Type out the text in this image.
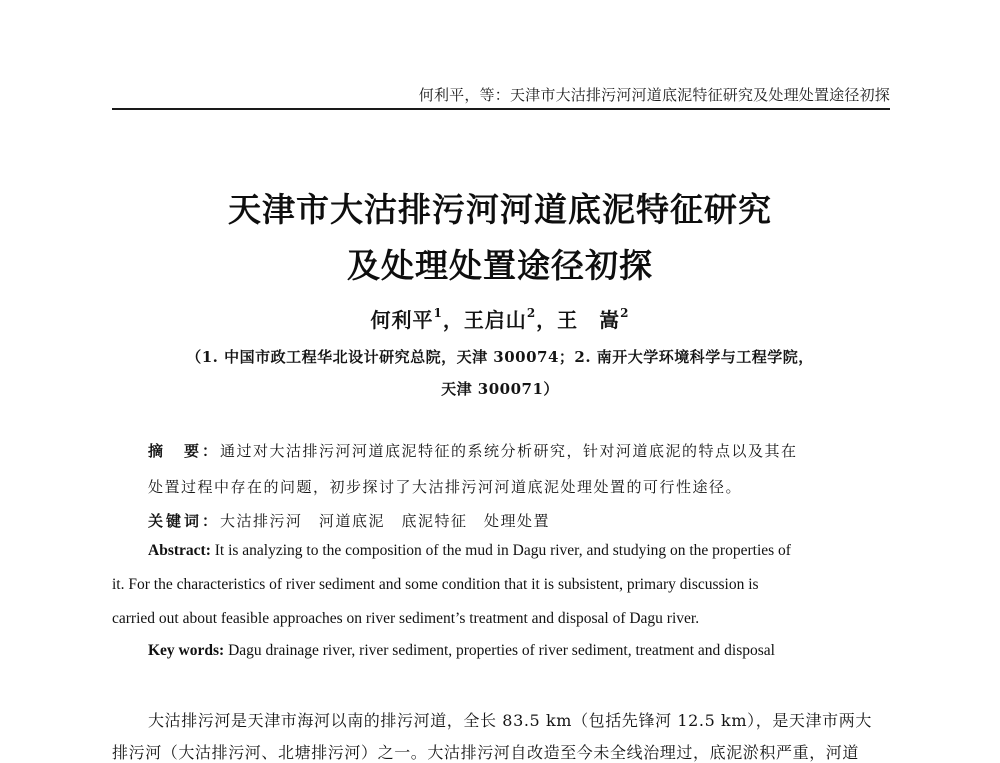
何利平，等：天津市大沽排污河河道底泥特征研究及处理处置途径初探
天津市大沽排污河河道底泥特征研究
及处理处置途径初探
何利平$^1$，王启山$^2$，王　嵩$^2$
（1. 中国市政工程华北设计研究总院，天津 300074；2. 南开大学环境科学与工程学院，
天津 300071）
摘　要：通过对大沽排污河河道底泥特征的系统分析研究，针对河道底泥的特点以及其在
处置过程中存在的问题，初步探讨了大沽排污河河道底泥处理处置的可行性途径。
关键词：大沽排污河　河道底泥　底泥特征　处理处置
Abstract: It is analyzing to the composition of the mud in Dagu river, and studying on the properties of
it. For the characteristics of river sediment and some condition that it is subsistent, primary discussion is
carried out about feasible approaches on river sediment’s treatment and disposal of Dagu river.
Key words: Dagu drainage river, river sediment, properties of river sediment, treatment and disposal
大沽排污河是天津市海河以南的排污河道，全长 83.5 km（包括先锋河 12.5 km），是天津市两大
排污河（大沽排污河、北塘排污河）之一。大沽排污河自改造至今未全线治理过，底泥淤积严重，河道
